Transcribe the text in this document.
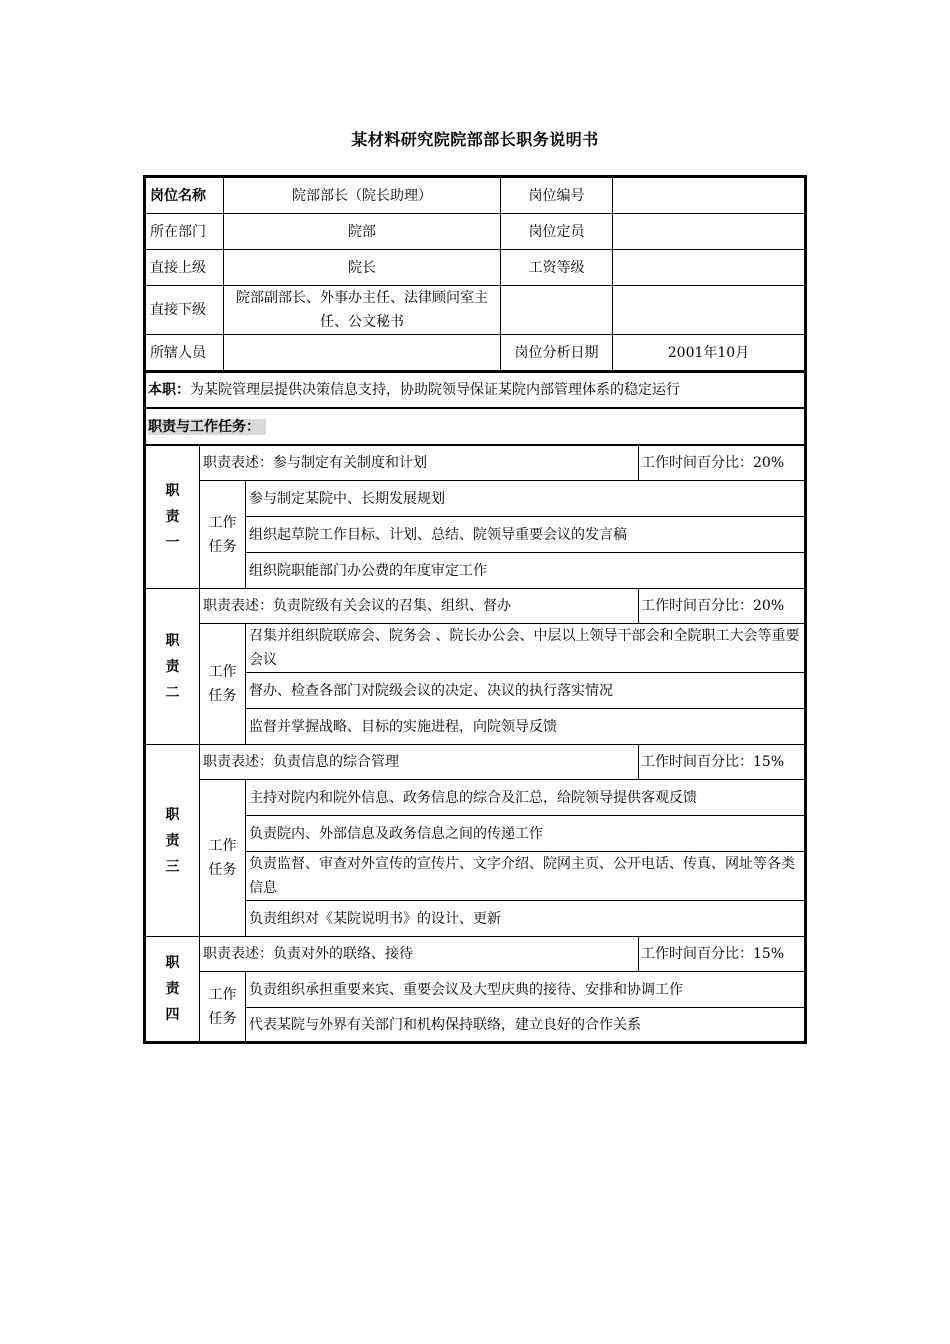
某材料研究院院部部长职务说明书
岗位名称	院部部长（院长助理）	岗位编号	
所在部门	院部	岗位定员	
直接上级	院长	工资等级	
直接下级	院部副部长、外事办主任、法律顾问室主任、公文秘书		
所辖人员		岗位分析日期	2001年10月
本职：为某院管理层提供决策信息支持，协助院领导保证某院内部管理体系的稳定运行
职责与工作任务：
职
责
一	职责表述：参与制定有关制度和计划		工作时间百分比：20%

	工作
任务	参与制定某院中、长期发展规划	
		组织起草院工作目标、计划、总结、院领导重要会议的发言稿	
		组织院职能部门办公费的年度审定工作	

职
责
二	职责表述：负责院级有关会议的召集、组织、督办		工作时间百分比：20%

	工作
任务	召集并组织院联席会、院务会 、院长办公会、中层以上领导干部会和全院职工大会等重要会议	
		督办、检查各部门对院级会议的决定、决议的执行落实情况	
		监督并掌握战略、目标的实施进程，向院领导反馈	

职
责
三	职责表述：负责信息的综合管理		工作时间百分比：15%

	工作
任务	主持对院内和院外信息、政务信息的综合及汇总，给院领导提供客观反馈	
		负责院内、外部信息及政务信息之间的传递工作	
		负责监督、审查对外宣传的宣传片、文字介绍、院网主页、公开电话、传真、网址等各类信息	
		负责组织对《某院说明书》的设计、更新	

职
责
四	职责表述：负责对外的联络、接待		工作时间百分比：15%

	工作
任务	负责组织承担重要来宾、重要会议及大型庆典的接待、安排和协调工作	
		代表某院与外界有关部门和机构保持联络，建立良好的合作关系	
